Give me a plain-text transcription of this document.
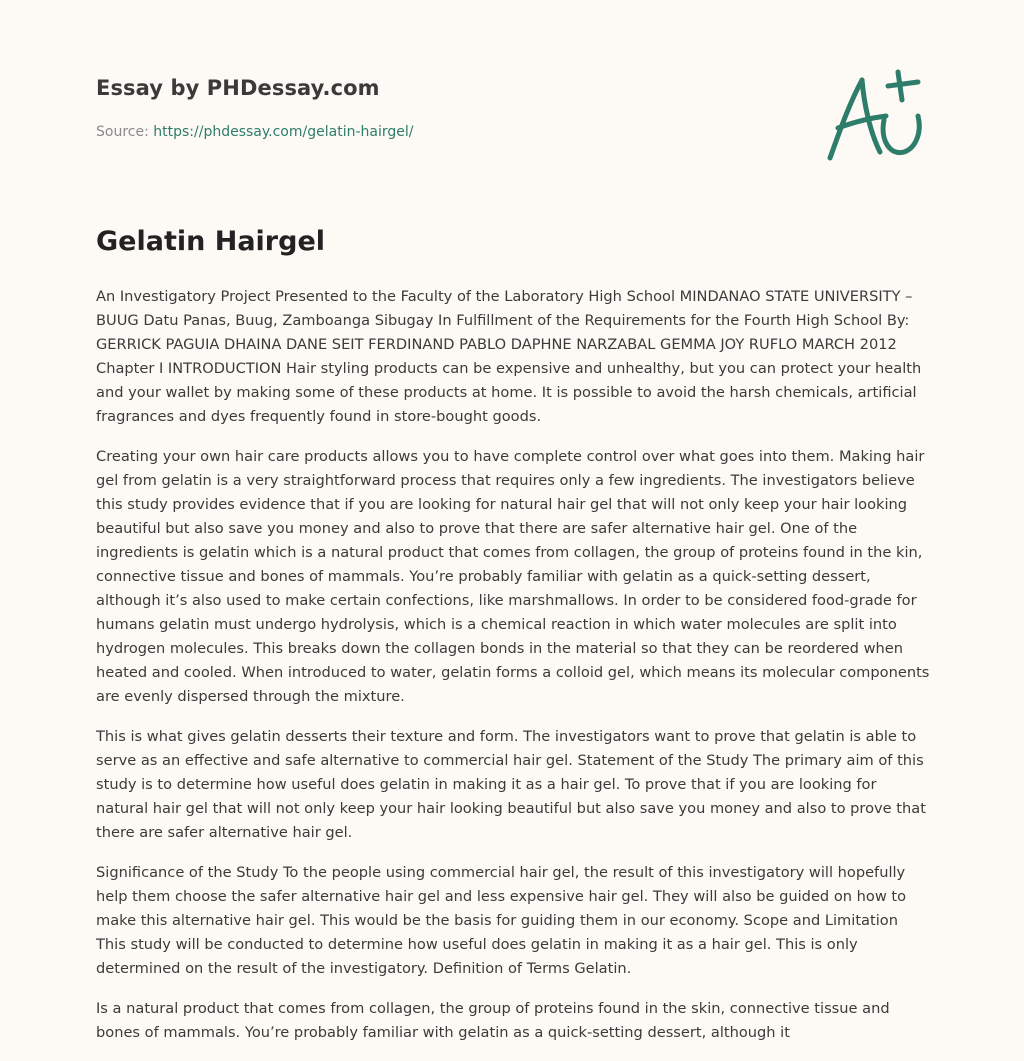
Essay by PHDessay.com
Source: https://phdessay.com/gelatin-hairgel/
Gelatin Hairgel

An Investigatory Project Presented to the Faculty of the Laboratory High School MINDANAO STATE UNIVERSITY – BUUG Datu Panas, Buug, Zamboanga Sibugay In Fulfillment of the Requirements for the Fourth High School By: GERRICK PAGUIA DHAINA DANE SEIT FERDINAND PABLO DAPHNE NARZABAL GEMMA JOY RUFLO MARCH 2012 Chapter I INTRODUCTION Hair styling products can be expensive and unhealthy, but you can protect your health and your wallet by making some of these products at home. It is possible to avoid the harsh chemicals, artificial fragrances and dyes frequently found in store-bought goods.

Creating your own hair care products allows you to have complete control over what goes into them. Making hair gel from gelatin is a very straightforward process that requires only a few ingredients. The investigators believe this study provides evidence that if you are looking for natural hair gel that will not only keep your hair looking beautiful but also save you money and also to prove that there are safer alternative hair gel. One of the ingredients is gelatin which is a natural product that comes from collagen, the group of proteins found in the kin, connective tissue and bones of mammals. You’re probably familiar with gelatin as a quick-setting dessert, although it’s also used to make certain confections, like marshmallows. In order to be considered food-grade for humans gelatin must undergo hydrolysis, which is a chemical reaction in which water molecules are split into hydrogen molecules. This breaks down the collagen bonds in the material so that they can be reordered when heated and cooled. When introduced to water, gelatin forms a colloid gel, which means its molecular components are evenly dispersed through the mixture.

This is what gives gelatin desserts their texture and form. The investigators want to prove that gelatin is able to serve as an effective and safe alternative to commercial hair gel. Statement of the Study The primary aim of this study is to determine how useful does gelatin in making it as a hair gel. To prove that if you are looking for natural hair gel that will not only keep your hair looking beautiful but also save you money and also to prove that there are safer alternative hair gel.

Significance of the Study To the people using commercial hair gel, the result of this investigatory will hopefully help them choose the safer alternative hair gel and less expensive hair gel. They will also be guided on how to make this alternative hair gel. This would be the basis for guiding them in our economy. Scope and Limitation This study will be conducted to determine how useful does gelatin in making it as a hair gel. This is only determined on the result of the investigatory. Definition of Terms Gelatin.

Is a natural product that comes from collagen, the group of proteins found in the skin, connective tissue and bones of mammals. You’re probably familiar with gelatin as a quick-setting dessert, although it
